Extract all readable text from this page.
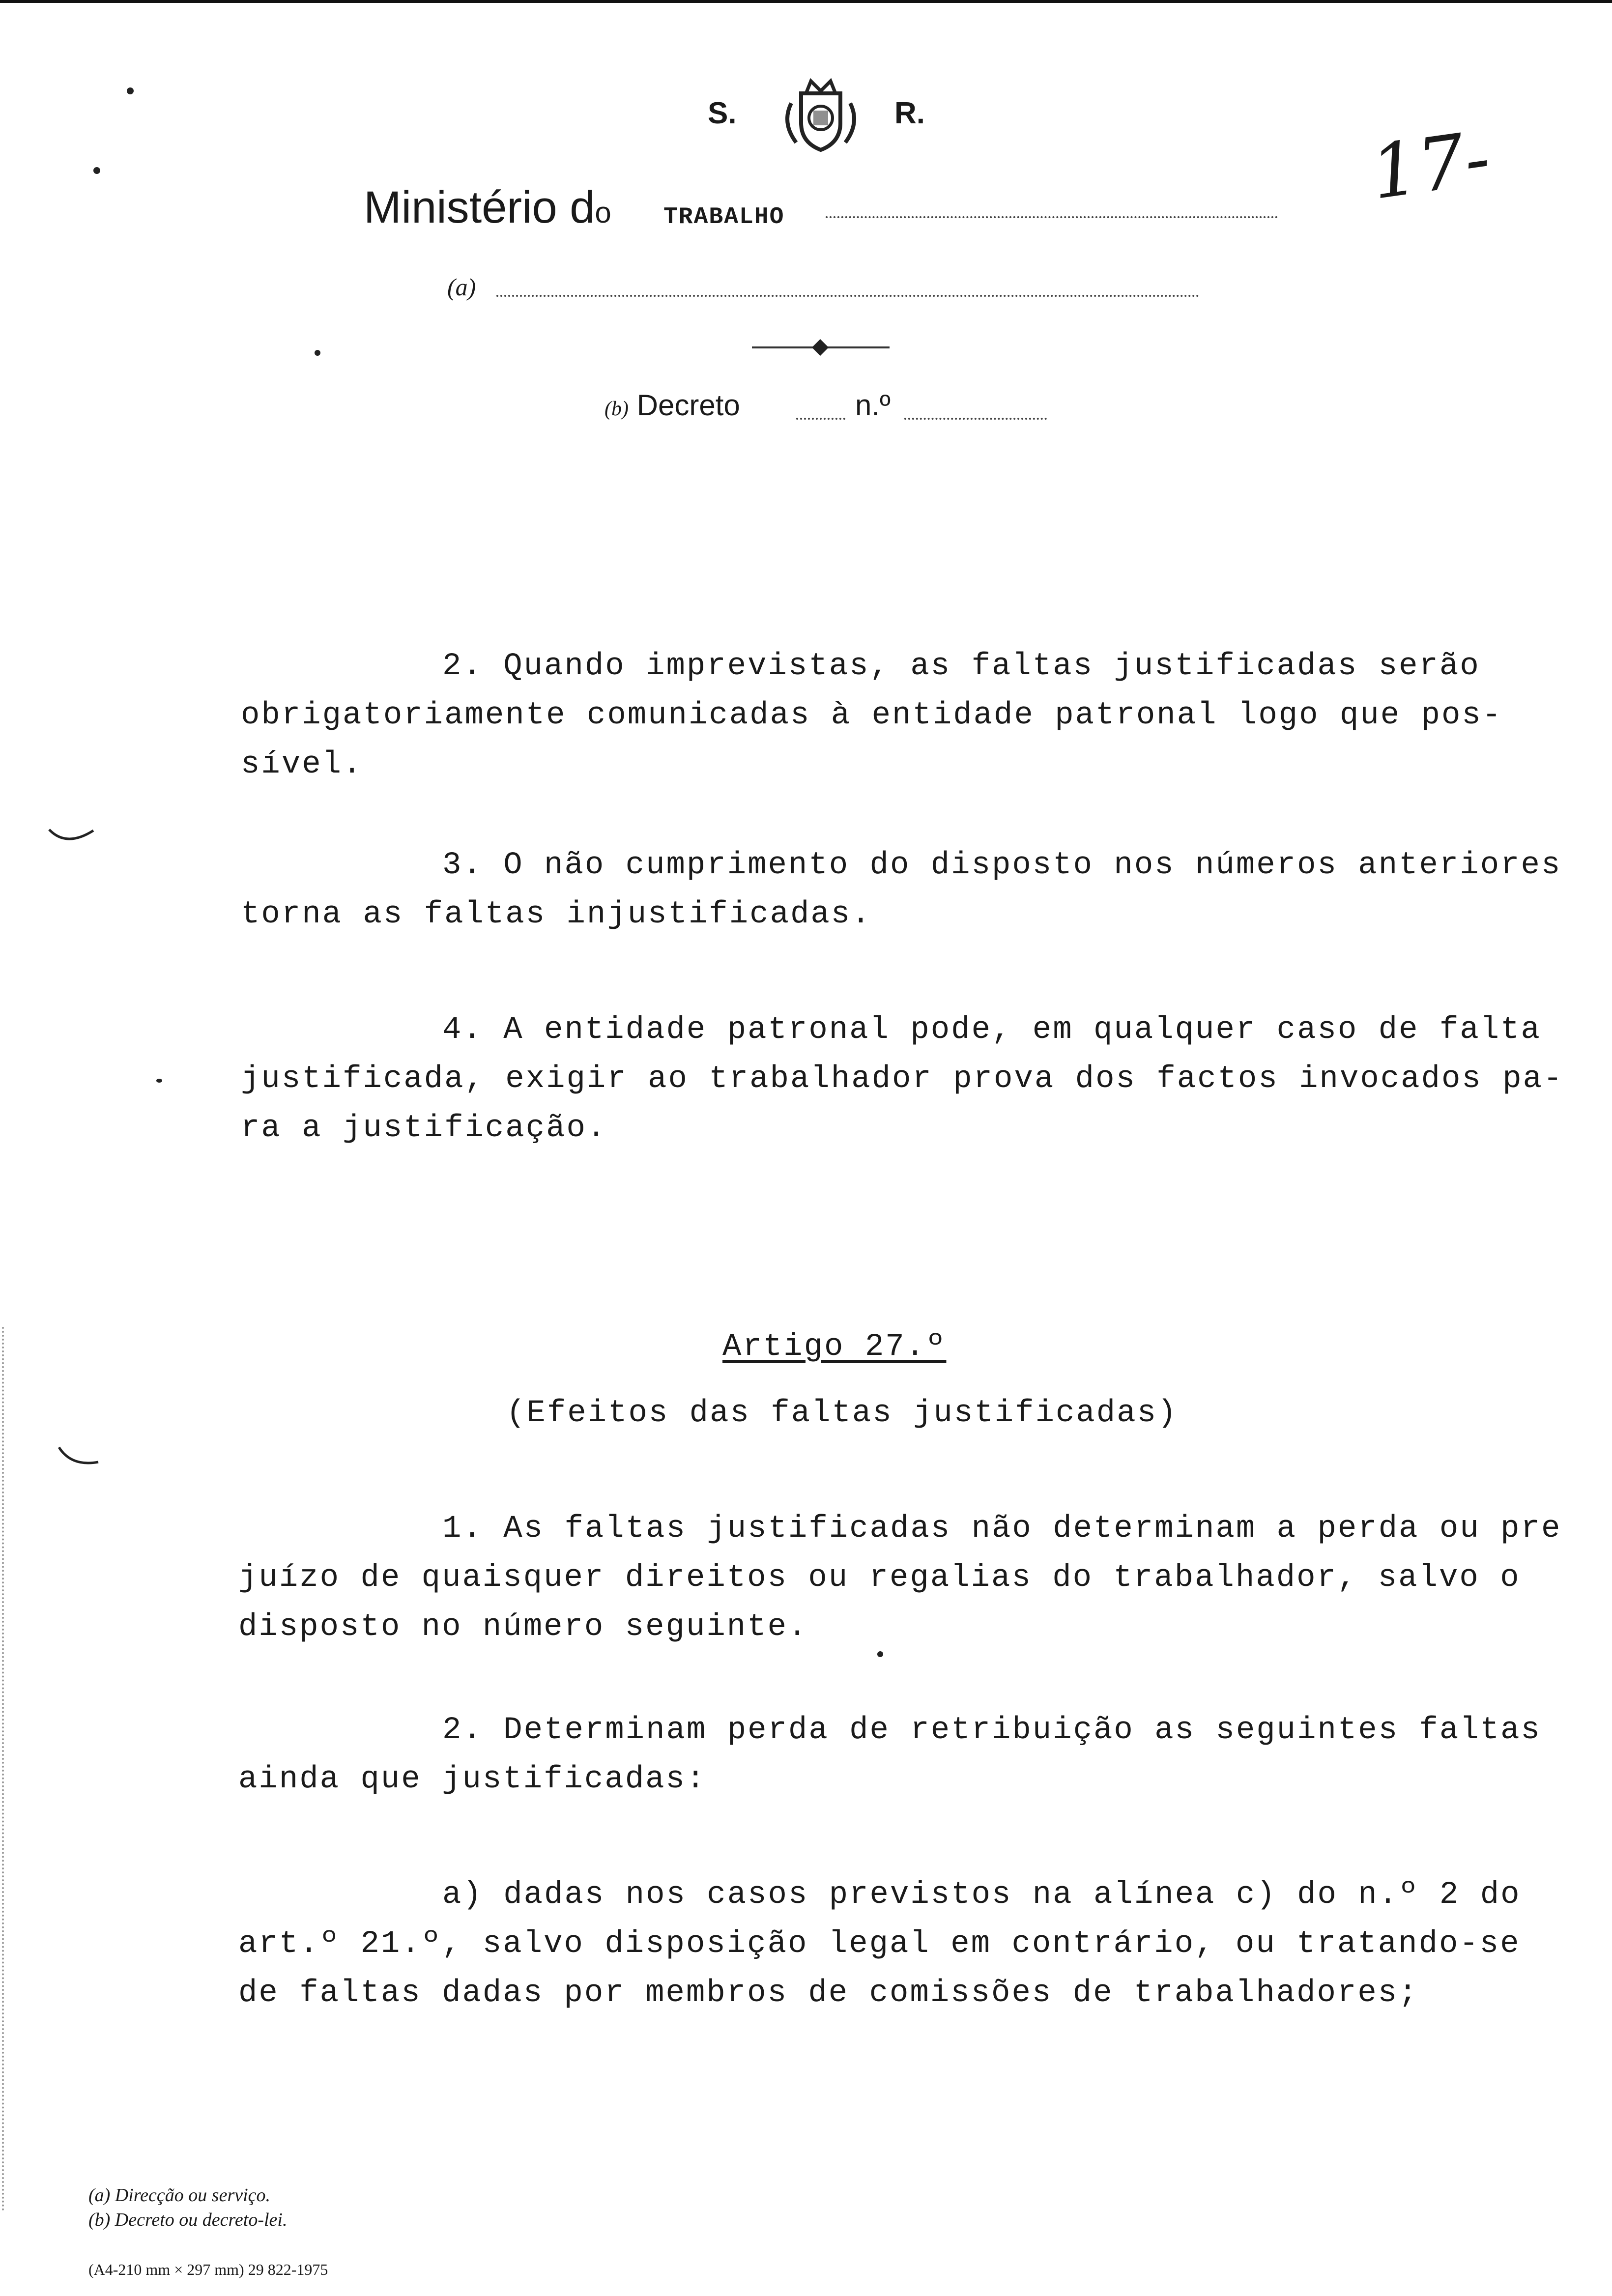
S.	R.
Ministério do TRABALHO
(a)
(b) Decreto	n.º
17-
2. Quando imprevistas, as faltas justificadas serão
obrigatoriamente comunicadas à entidade patronal logo que pos-
sível.
3. O não cumprimento do disposto nos números anteriores
torna as faltas injustificadas.
4. A entidade patronal pode, em qualquer caso de falta
justificada, exigir ao trabalhador prova dos factos invocados pa-
ra a justificação.
Artigo 27.º
(Efeitos das faltas justificadas)
1. As faltas justificadas não determinam a perda ou pre
juízo de quaisquer direitos ou regalias do trabalhador, salvo o
disposto no número seguinte.
2. Determinam perda de retribuição as seguintes faltas
ainda que justificadas:
a) dadas nos casos previstos na alínea c) do n.º 2 do
art.º 21.º, salvo disposição legal em contrário, ou tratando-se
de faltas dadas por membros de comissões de trabalhadores;
(a) Direcção ou serviço.
(b) Decreto ou decreto-lei.
(A4-210 mm × 297 mm) 29 822-1975
